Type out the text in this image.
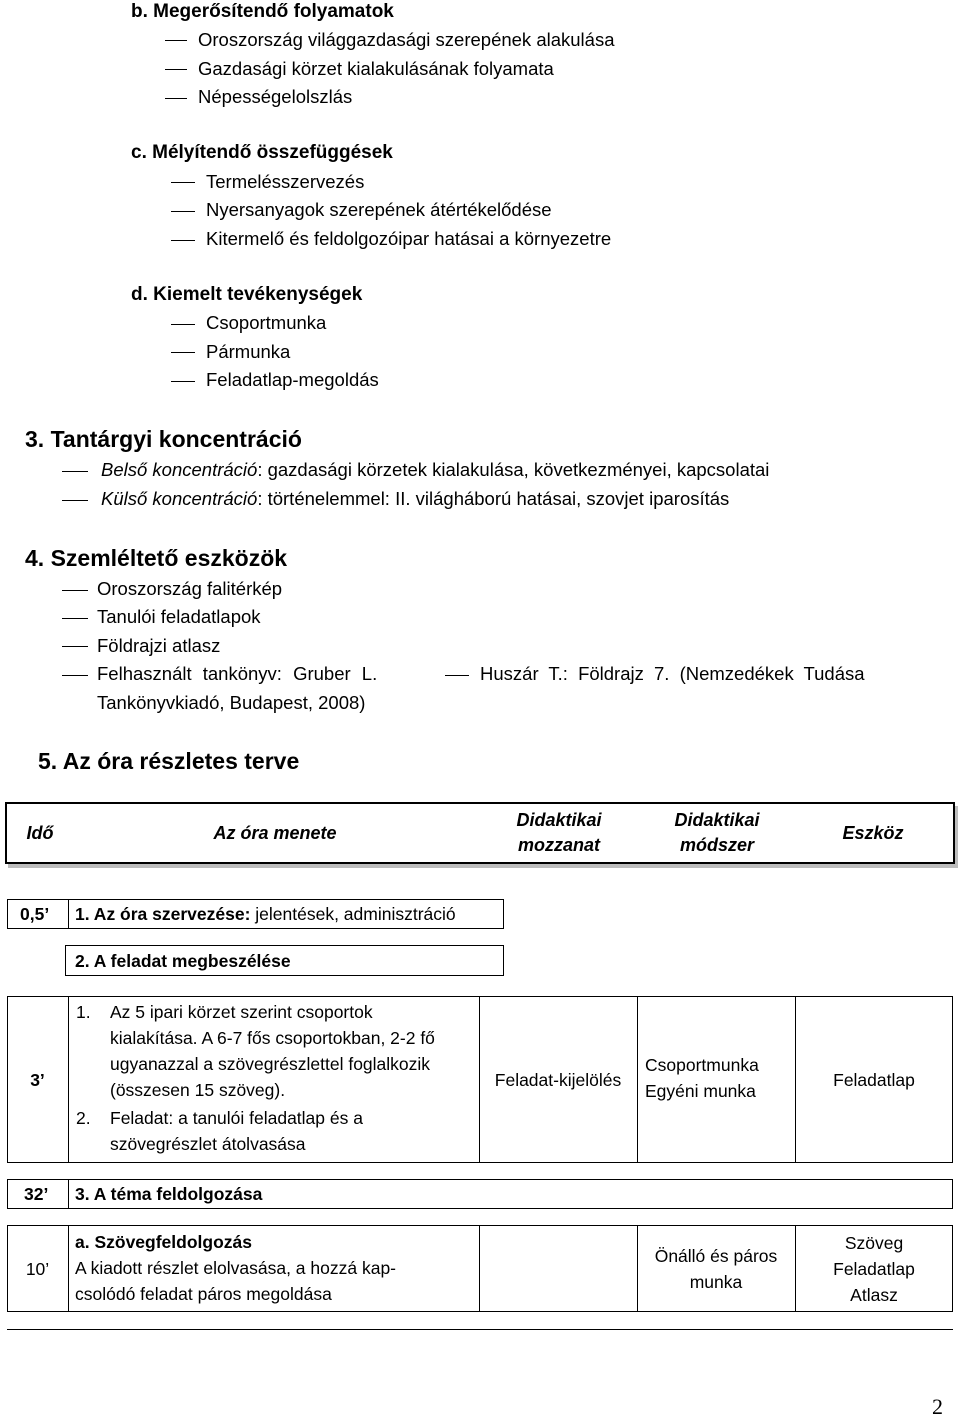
b. Megerősítendő folyamatok
Oroszország világgazdasági szerepének alakulása
Gazdasági körzet kialakulásának folyamata
Népességelolszlás
c. Mélyítendő összefüggések
Termelésszervezés
Nyersanyagok szerepének átértékelődése
Kitermelő és feldolgozóipar hatásai a környezetre
d. Kiemelt tevékenységek
Csoportmunka
Pármunka
Feladatlap-megoldás
3. Tantárgyi koncentráció
Belső koncentráció: gazdasági körzetek kialakulása, következményei, kapcsolatai
Külső koncentráció: történelemmel: II. világháború hatásai, szovjet iparosítás
4. Szemléltető eszközök
Oroszország falitérkép
Tanulói feladatlapok
Földrajzi atlasz
Felhasznált tankönyv: Gruber L.	Huszár T.: Földrajz 7. (Nemzedékek Tudása
Tankönyvkiadó, Budapest, 2008)
5. Az óra részletes terve
Idő	Az óra menete
Didaktikai
mozzanat
Didaktikai
módszer
Eszköz
0,5’ 1. Az óra szervezése: jelentések, adminisztráció
2. A feladat megbeszélése
3’
1. Az 5 ipari körzet szerint csoportok
kialakítása. A 6-7 fős csoportokban, 2-2 fő
ugyanazzal a szövegrészlettel foglalkozik
(összesen 15 szöveg).
2. Feladat: a tanulói feladatlap és a
szövegrészlet átolvasása
Feladat-kijelölés
Csoportmunka
Egyéni munka
Feladatlap
32’ 3. A téma feldolgozása
10’
a. Szövegfeldolgozás
A kiadott részlet elolvasása, a hozzá kap-
csolódó feladat páros megoldása
Önálló és páros
munka
Szöveg
Feladatlap
Atlasz
2
